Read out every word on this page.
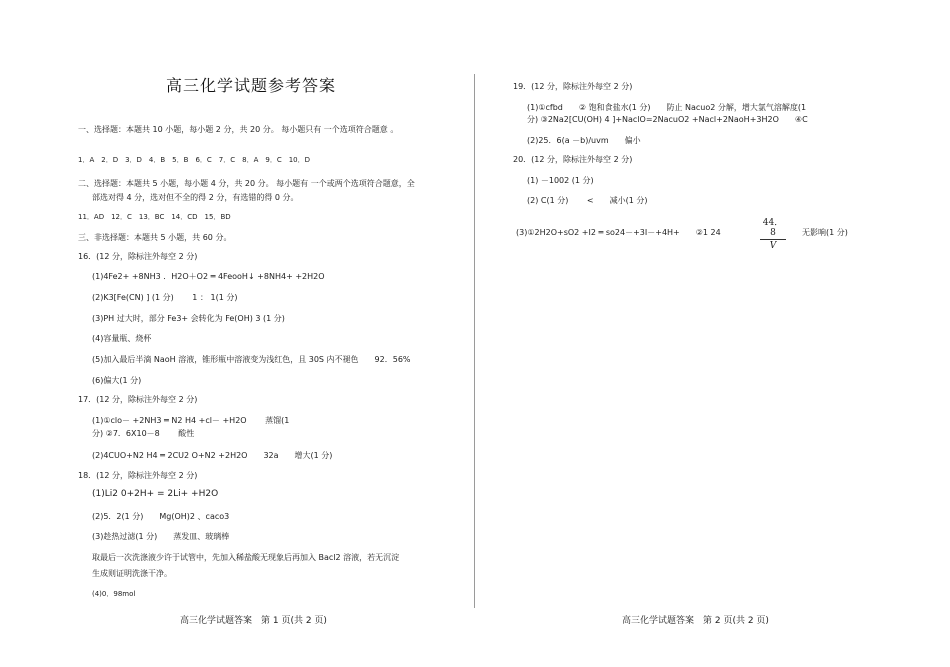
高三化学试题参考答案
一、选择题：本题共 10 小题，每小题 2 分，共 20 分。 每小题只有 一个选项符合题意 。
1．A　2．D　3．D　4．B　5．B　6．C　7．C　8．A　9．C　10．D
二、选择题：本题共 5 小题，每小题 4 分，共 20 分。 每小题有 一个或两个选项符合题意，全
部选对得 4 分，选对但不全的得 2 分，有选错的得 0 分。
11．AD　12．C　13．BC　14．CD　15．BD
三、非选择题：本题共 5 小题，共 60 分。
16．(12 分，除标注外每空 2 分)
(1)4Fe2+ +8NH3 ．H2O＋O2 ═ 4FeooH↓ +8NH4+ +2H2O
(2)K3[Fe(CN) ] (1 分)　　 1 ： 1(1 分)
(3)PH 过大时，部分 Fe3+ 会转化为 Fe(OH) 3 (1 分)
(4)容量瓶、烧杯
(5)加入最后半滴 NaoH 溶液，锥形瓶中溶液变为浅红色，且 30S 内不褪色　　92．56%
(6)偏大(1 分)
17．(12 分，除标注外每空 2 分)
(1)①clo－ +2NH3 ═ N2 H4 +cl－ +H2O　　 蒸馏(1
分) ②7．6X10－8　　 酸性
(2)4CUO+N2 H4 ═ 2CU2 O+N2 +2H2O　　32a　　增大(1 分)
18．(12 分，除标注外每空 2 分)
(1)Li2 0+2H+ = 2Li+ +H2O
(2)5．2(1 分)　　Mg(OH)2 、caco3
(3)趁热过滤(1 分)　　蒸发皿、玻璃棒
取最后一次洗涤液少许于试管中，先加入稀盐酸无现象后再加入 Bacl2 溶液，若无沉淀
生成则证明洗涤干净。
(4)0．98mol
19．(12 分，除标注外每空 2 分)
(1)①cfbd　　② 饱和食盐水(1 分)　　防止 Nacuo2 分解，增大氯气溶解度(1
分) ③2Na2[CU(OH) 4 ]+NaclO=2NacuO2 +Nacl+2NaoH+3H2O　　④C
(2)25．6(a －b)/uvm　　偏小
20．(12 分，除标注外每空 2 分)
(1) －1002 (1 分)
(2) C(1 分)　　 <　　减小(1 分)
(3)①2H2O+sO2 +I2 ═ so24－+3I－+4H+　　②1 24
44．8
V
无影响(1 分)
高三化学试题答案　第 1 页(共 2 页)	高三化学试题答案　第 2 页(共 2 页)
